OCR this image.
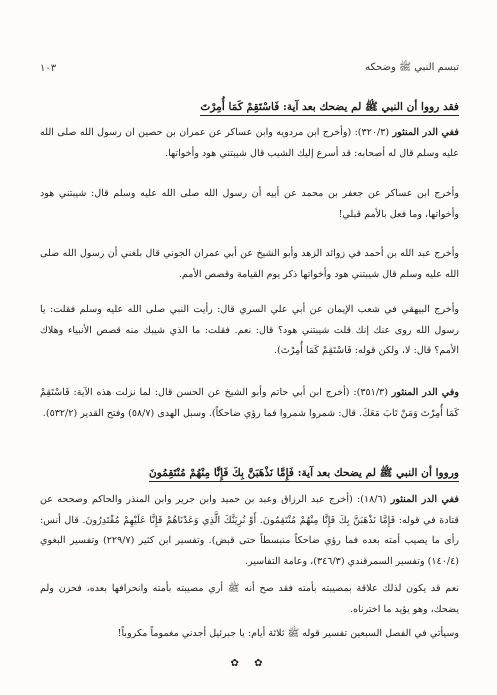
تبسم النبي ﷺ وضحكه
١٠٣
فقد رووا أن النبي ﷺ لم يضحك بعد آية: فَاسْتَقِمْ كَمَا أُمِرْتَ

ففي الدر المنثور (٣٢٠/٣): (وأخرج ابن مردويه وابن عساكر عن عمران بن حصين ان رسول الله صلى الله عليه وسلم قال له أصحابه: قد أسرع إليك الشيب قال شيبتني هود وأخواتها.

وأخرج ابن عساكر عن جعفر بن محمد عن أبيه أن رسول الله صلى الله عليه وسلم قال: شيبتني هود وأخواتها، وما فعل بالأمم قبلي!

وأخرج عبد الله بن أحمد في زوائد الزهد وأبو الشيخ عن أبي عمران الجوني قال بلغني أن رسول الله صلى الله عليه وسلم قال شيبتني هود وأخواتها ذكر يوم القيامة وقصص الأمم.

وأخرج البيهقي في شعب الإيمان عن أبي علي السري قال: رأيت النبي صلى الله عليه وسلم فقلت: يا رسول الله روى عنك إنك قلت شيبتني هود؟ قال: نعم. فقلت: ما الذي شيبك منه قصص الأنبياء وهلاك الأمم؟ قال: لا، ولكن قوله: فَاسْتَقِمْ كَمَا أُمِرْتَ).

وفي الدر المنثور (٣٥١/٣): (أخرج ابن أبي حاتم وأبو الشيخ عن الحسن قال: لما نزلت هذه الآية: فَاسْتَقِمْ كَمَا أُمِرْتَ وَمَنْ تَابَ مَعَكَ. قال: شمروا شمروا فما رؤي ضاحكاً). وسبل الهدى (٥٨/٧) وفتح القدير (٥٣٢/٢).

ورووا أن النبي ﷺ لم يضحك بعد آية: فَإِمَّا نَذْهَبَنَّ بِكَ فَإِنَّا مِنْهُمْ مُنْتَقِمُونَ

ففي الدر المنثور (١٨/٦): (أخرج عبد الرزاق وعبد بن حميد وابن جرير وابن المنذر والحاكم وصححه عن قتادة في قوله: فَإِمَّا نَذْهَبَنَّ بِكَ فَإِنَّا مِنْهُمْ مُنْتَقِمُونَ. أَوْ نُرِيَنَّكَ الَّذِي وَعَدْنَاهُمْ فَإِنَّا عَلَيْهِمْ مُقْتَدِرُونَ. قال أنس: رأى ما يصيب أمته بعده فما رؤي ضاحكاً منبسطاً حتى قبض). وتفسير ابن كثير (٢٢٩/٧) وتفسير البغوي (١٤٠/٤) وتفسير السمرقندي (٣٤٦/٣)، وعامة التفاسير.

نعم قد يكون لذلك علاقة بمصيبته بأمته فقد صح أنه ﷺ أري مصيبته بأمته وانحرافها بعده، فحزن ولم يضحك، وهو يؤيد ما اخترناه.

وسيأتي في الفصل السبعين تفسير قوله ﷺ ثلاثة أيام: يا جبرئيل أجدني مغموماً مكروباً!

✿ ✿
